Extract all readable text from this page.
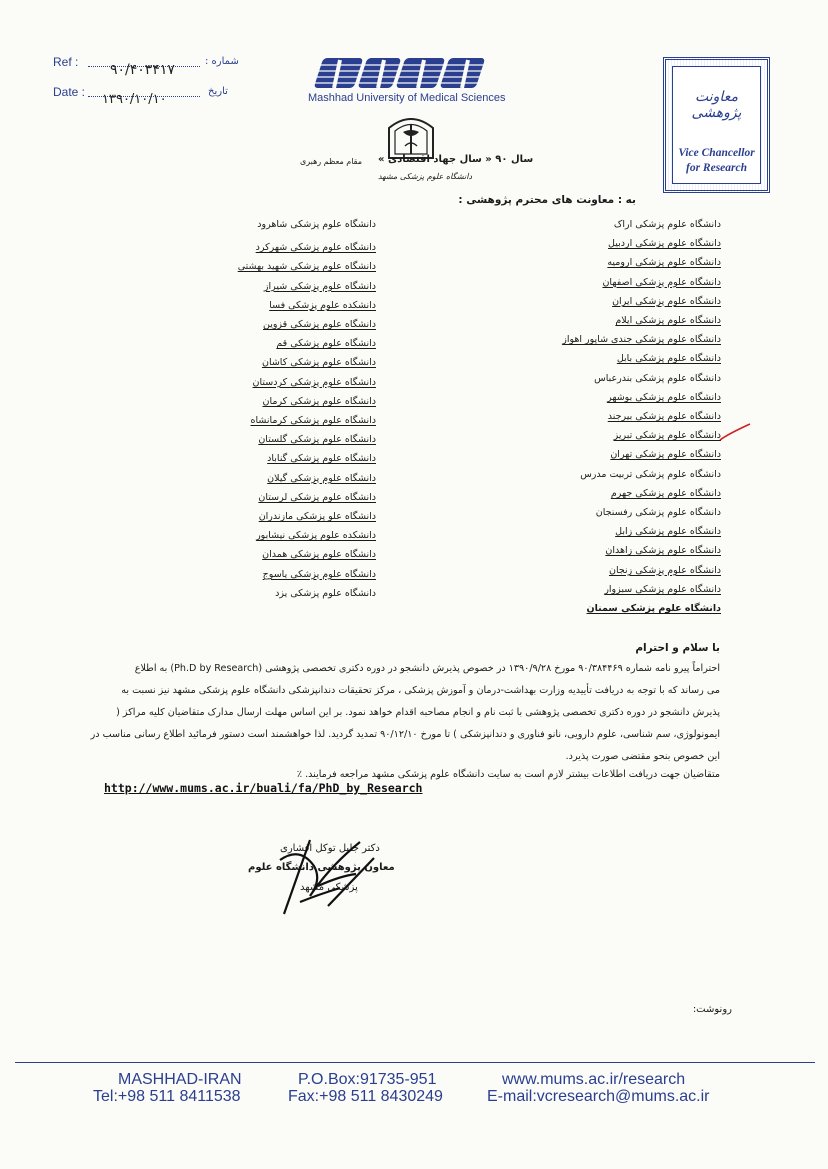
Ref :	شماره :
۹۰/۴۰۳۴۱۷
Date :	تاریخ
۱۳۹۰/۱۰/۱۰	Mashhad University of Medical Sciences
سال ۹۰ « سال جهاد اقتصادی »
مقام معظم رهبری
دانشگاه علوم پزشکی مشهد
معاونت پژوهشی
Vice Chancellor
for Research
به : معاونت های محترم پژوهشی :
دانشگاه علوم پزشکی اراک
دانشگاه علوم پزشکی اردبیل
دانشگاه علوم پزشکی ارومیه
دانشگاه علوم پزشکی اصفهان
دانشگاه علوم پزشکی ایران
دانشگاه علوم پزشکی ایلام
دانشگاه علوم پزشکی جندی شاپور اهواز
دانشگاه علوم پزشکی بابل
دانشگاه علوم پزشکی بندرعباس
دانشگاه علوم پزشکی بوشهر
دانشگاه علوم پزشکی بیرجند
دانشگاه علوم پزشکی تبریز
دانشگاه علوم پزشکی تهران
دانشگاه علوم پزشکی تربیت مدرس
دانشگاه علوم پزشکی جهرم
دانشگاه علوم پزشکی رفسنجان
دانشگاه علوم پزشکی زابل
دانشگاه علوم پزشکی زاهدان
دانشگاه علوم پزشکی زنجان
دانشگاه علوم پزشکی سبزوار
دانشگاه علوم پزشکی سمنان
دانشگاه علوم پزشکی شاهرود
دانشگاه علوم پزشکی شهرکرد
دانشگاه علوم پزشکی شهید بهشتی
دانشگاه علوم پزشکی شیراز
دانشکده علوم پزشکی فسا
دانشگاه علوم پزشکی قزوین
دانشگاه علوم پزشکی قم
دانشگاه علوم پزشکی کاشان
دانشگاه علوم پزشکی کردستان
دانشگاه علوم پزشکی کرمان
دانشگاه علوم پزشکی کرمانشاه
دانشگاه علوم پزشکی گلستان
دانشگاه علوم پزشکی گناباد
دانشگاه علوم پزشکی گیلان
دانشگاه علوم پزشکی لرستان
دانشگاه علو پزشکی مازندران
دانشکده علوم پزشکی نیشابور
دانشگاه علوم پزشکی همدان
دانشگاه علوم پزشکی یاسوج
دانشگاه علوم پزشکی یزد
با سلام و احترام
احتراماً پیرو نامه شماره ۹۰/۳۸۴۴۶۹ مورخ ۱۳۹۰/۹/۲۸ در خصوص پذیرش دانشجو در دوره دکتری تخصصی پژوهشی (Ph.D by Research) به اطلاع
می رساند که با توجه به دریافت تأییدیه وزارت بهداشت-درمان و آموزش پزشکی ، مرکز تحقیقات دندانپزشکی دانشگاه علوم پزشکی مشهد نیز نسبت به
پذیرش دانشجو در دوره دکتری تخصصی پژوهشی با ثبت نام و انجام مصاحبه اقدام خواهد نمود. بر این اساس مهلت ارسال مدارک متقاضیان کلیه مراکز (
ایمونولوژی، سم شناسی، علوم دارویی، نانو فناوری و دندانپزشکی ) تا مورخ ۹۰/۱۲/۱۰ تمدید گردید. لذا خواهشمند است دستور فرمائید اطلاع رسانی مناسب در
این خصوص بنحو مقتضی صورت پذیرد.
متقاضیان جهت دریافت اطلاعات بیشتر لازم است به سایت دانشگاه علوم پزشکی مشهد مراجعه فرمایند. ٪
http://www.mums.ac.ir/buali/fa/PhD_by_Research
دکتر جلیل توکل افشاری
معاون پژوهشی دانشگاه علوم
پزشکی مشهد
رونوشت:
MASHHAD-IRAN	P.O.Box:91735-951	www.mums.ac.ir/research
Tel:+98 511 8411538	Fax:+98 511 8430249	E-mail:vcresearch@mums.ac.ir
